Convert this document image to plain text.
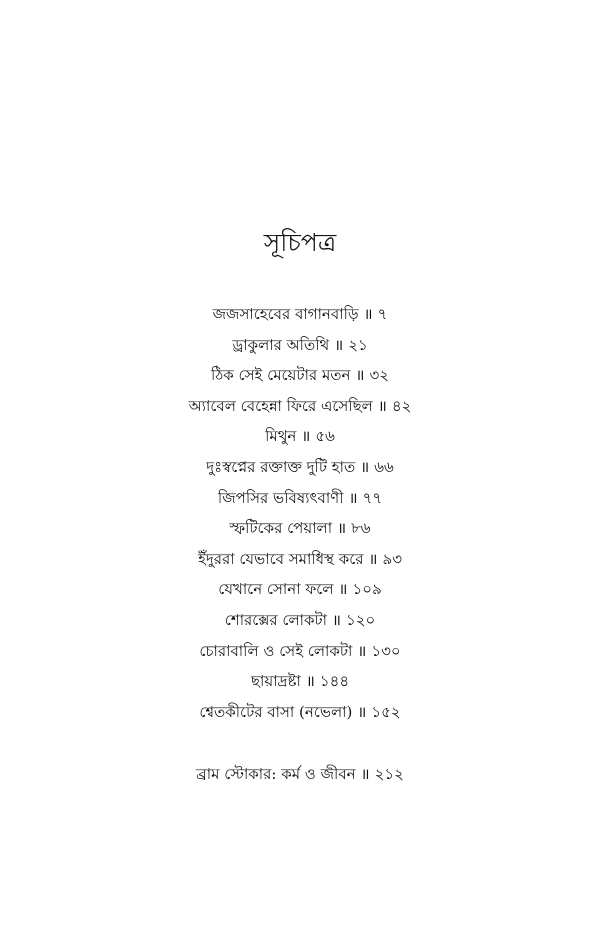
সূচিপত্র
জজসাহেবের বাগানবাড়ি ॥ ৭
ড্রাকুলার অতিথি ॥ ২১
ঠিক সেই মেয়েটার মতন ॥ ৩২
অ্যাবেল বেহেন্না ফিরে এসেছিল ॥ ৪২
মিথুন ॥ ৫৬
দুঃস্বপ্নের রক্তাক্ত দুটি হাত ॥ ৬৬
জিপসির ভবিষ্যৎবাণী ॥ ৭৭
স্ফটিকের পেয়ালা ॥ ৮৬
ইঁদুররা যেভাবে সমাধিস্থ করে ॥ ৯৩
যেখানে সোনা ফলে ॥ ১০৯
শোরক্সের লোকটা ॥ ১২০
চোরাবালি ও সেই লোকটা ॥ ১৩০
ছায়াদ্রষ্টা ॥ ১৪৪
শ্বেতকীটের বাসা (নভেলা) ॥ ১৫২
ব্রাম স্টোকার: কর্ম ও জীবন ॥ ২১২
